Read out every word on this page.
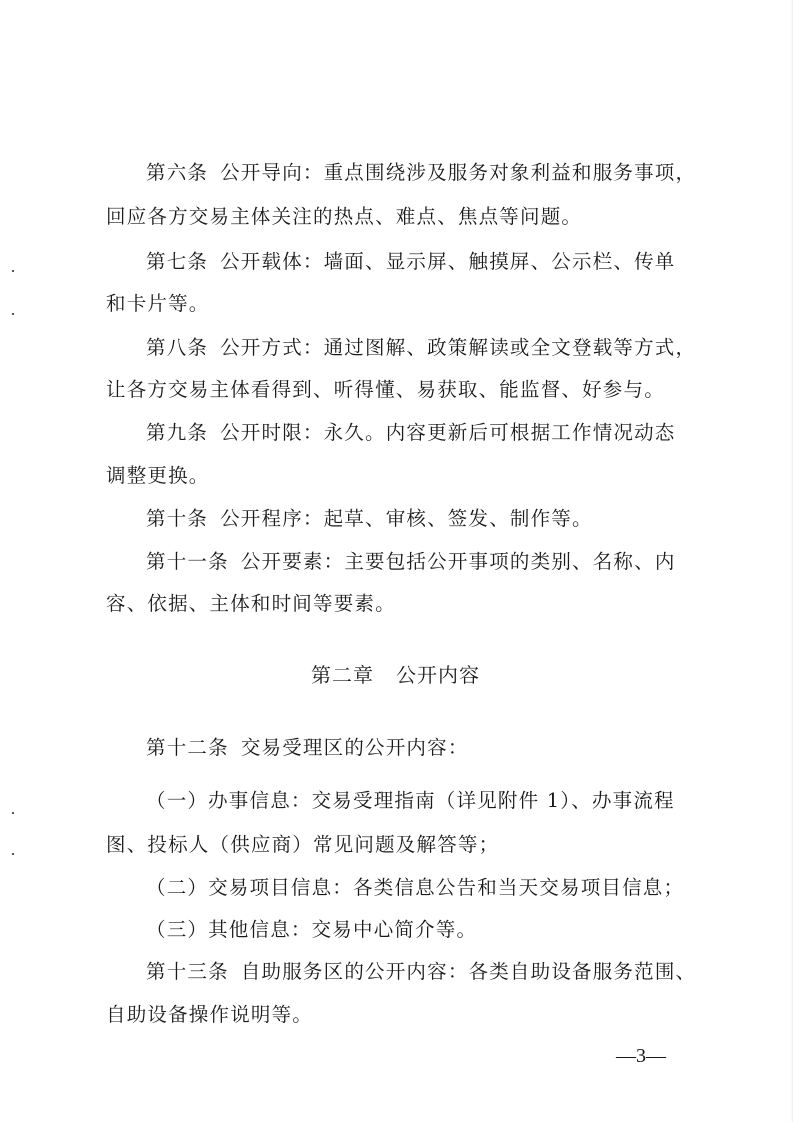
第六条 公开导向：重点围绕涉及服务对象利益和服务事项，
回应各方交易主体关注的热点、难点、焦点等问题。
第七条 公开载体：墙面、显示屏、触摸屏、公示栏、传单
和卡片等。
第八条 公开方式：通过图解、政策解读或全文登载等方式，
让各方交易主体看得到、听得懂、易获取、能监督、好参与。
第九条 公开时限：永久。内容更新后可根据工作情况动态
调整更换。
第十条 公开程序：起草、审核、签发、制作等。
第十一条 公开要素：主要包括公开事项的类别、名称、内
容、依据、主体和时间等要素。
第二章 公开内容
第十二条 交易受理区的公开内容：
（一）办事信息：交易受理指南（详见附件 1）、办事流程
图、投标人（供应商）常见问题及解答等；
（二）交易项目信息：各类信息公告和当天交易项目信息；
（三）其他信息：交易中心简介等。
第十三条 自助服务区的公开内容：各类自助设备服务范围、
自助设备操作说明等。
—3—
